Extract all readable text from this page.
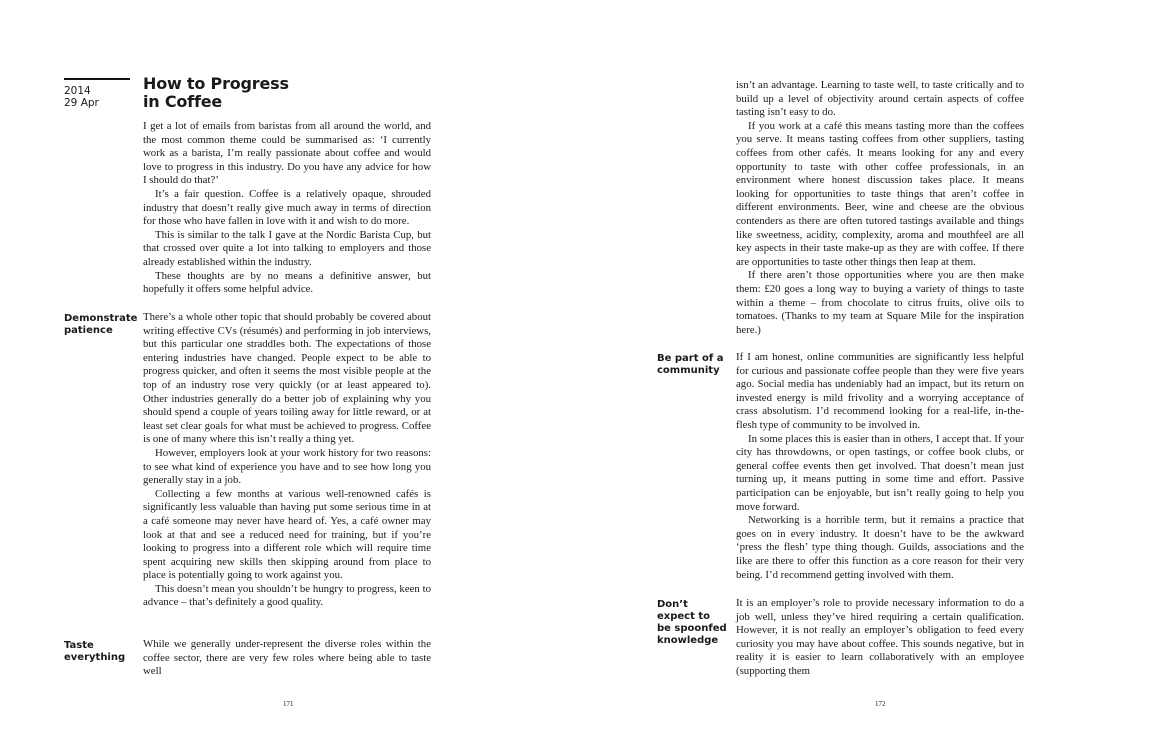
2014
29 Apr
How to Progress
in Coffee

I get a lot of emails from baristas from all around the world, and the most common theme could be summarised as: ‘I currently work as a barista, I’m really passionate about coffee and would love to progress in this industry. Do you have any advice for how I should do that?’

It’s a fair question. Coffee is a relatively opaque, shrouded industry that doesn’t really give much away in terms of direction for those who have fallen in love with it and wish to do more.

This is similar to the talk I gave at the Nordic Barista Cup, but that crossed over quite a lot into talking to employers and those already established within the industry.

These thoughts are by no means a definitive answer, but hopefully it offers some helpful advice.

Demonstrate
patience

There’s a whole other topic that should probably be covered about writing effective CVs (résumés) and performing in job interviews, but this particular one straddles both. The expectations of those entering industries have changed. People expect to be able to progress quicker, and often it seems the most visible people at the top of an industry rose very quickly (or at least appeared to). Other industries generally do a better job of explaining why you should spend a couple of years toiling away for little reward, or at least set clear goals for what must be achieved to progress. Coffee is one of many where this isn’t really a thing yet.

However, employers look at your work history for two reasons: to see what kind of experience you have and to see how long you generally stay in a job.

Collecting a few months at various well-renowned cafés is significantly less valuable than having put some serious time in at a café someone may never have heard of. Yes, a café owner may look at that and see a reduced need for training, but if you’re looking to progress into a different role which will require time spent acquiring new skills then skipping around from place to place is potentially going to work against you.

This doesn’t mean you shouldn’t be hungry to progress, keen to advance – that’s definitely a good quality.

Taste
everything

While we generally under-represent the diverse roles within the coffee sector, there are very few roles where being able to taste well

171

isn’t an advantage. Learning to taste well, to taste critically and to build up a level of objectivity around certain aspects of coffee tasting isn’t easy to do.

If you work at a café this means tasting more than the coffees you serve. It means tasting coffees from other suppliers, tasting coffees from other cafés. It means looking for any and every opportunity to taste with other coffee professionals, in an environment where honest discussion takes place. It means looking for opportunities to taste things that aren’t coffee in different environments. Beer, wine and cheese are the obvious contenders as there are often tutored tastings available and things like sweetness, acidity, complexity, aroma and mouthfeel are all key aspects in their taste make-up as they are with coffee. If there are opportunities to taste other things then leap at them.

If there aren’t those opportunities where you are then make them: £20 goes a long way to buying a variety of things to taste within a theme – from chocolate to citrus fruits, olive oils to tomatoes. (Thanks to my team at Square Mile for the inspiration here.)

Be part of a
community

If I am honest, online communities are significantly less helpful for curious and passionate coffee people than they were five years ago. Social media has undeniably had an impact, but its return on invested energy is mild frivolity and a worrying acceptance of crass absolutism. I’d recommend looking for a real-life, in-the-flesh type of community to be involved in.

In some places this is easier than in others, I accept that. If your city has throwdowns, or open tastings, or coffee book clubs, or general coffee events then get involved. That doesn’t mean just turning up, it means putting in some time and effort. Passive participation can be enjoyable, but isn’t really going to help you move forward.

Networking is a horrible term, but it remains a practice that goes on in every industry. It doesn’t have to be the awkward ‘press the flesh’ type thing though. Guilds, associations and the like are there to offer this function as a core reason for their very being. I’d recommend getting involved with them.

Don’t
expect to
be spoonfed
knowledge

It is an employer’s role to provide necessary information to do a job well, unless they’ve hired requiring a certain qualification. However, it is not really an employer’s obligation to feed every curiosity you may have about coffee. This sounds negative, but in reality it is easier to learn collaboratively with an employee (supporting them

172
